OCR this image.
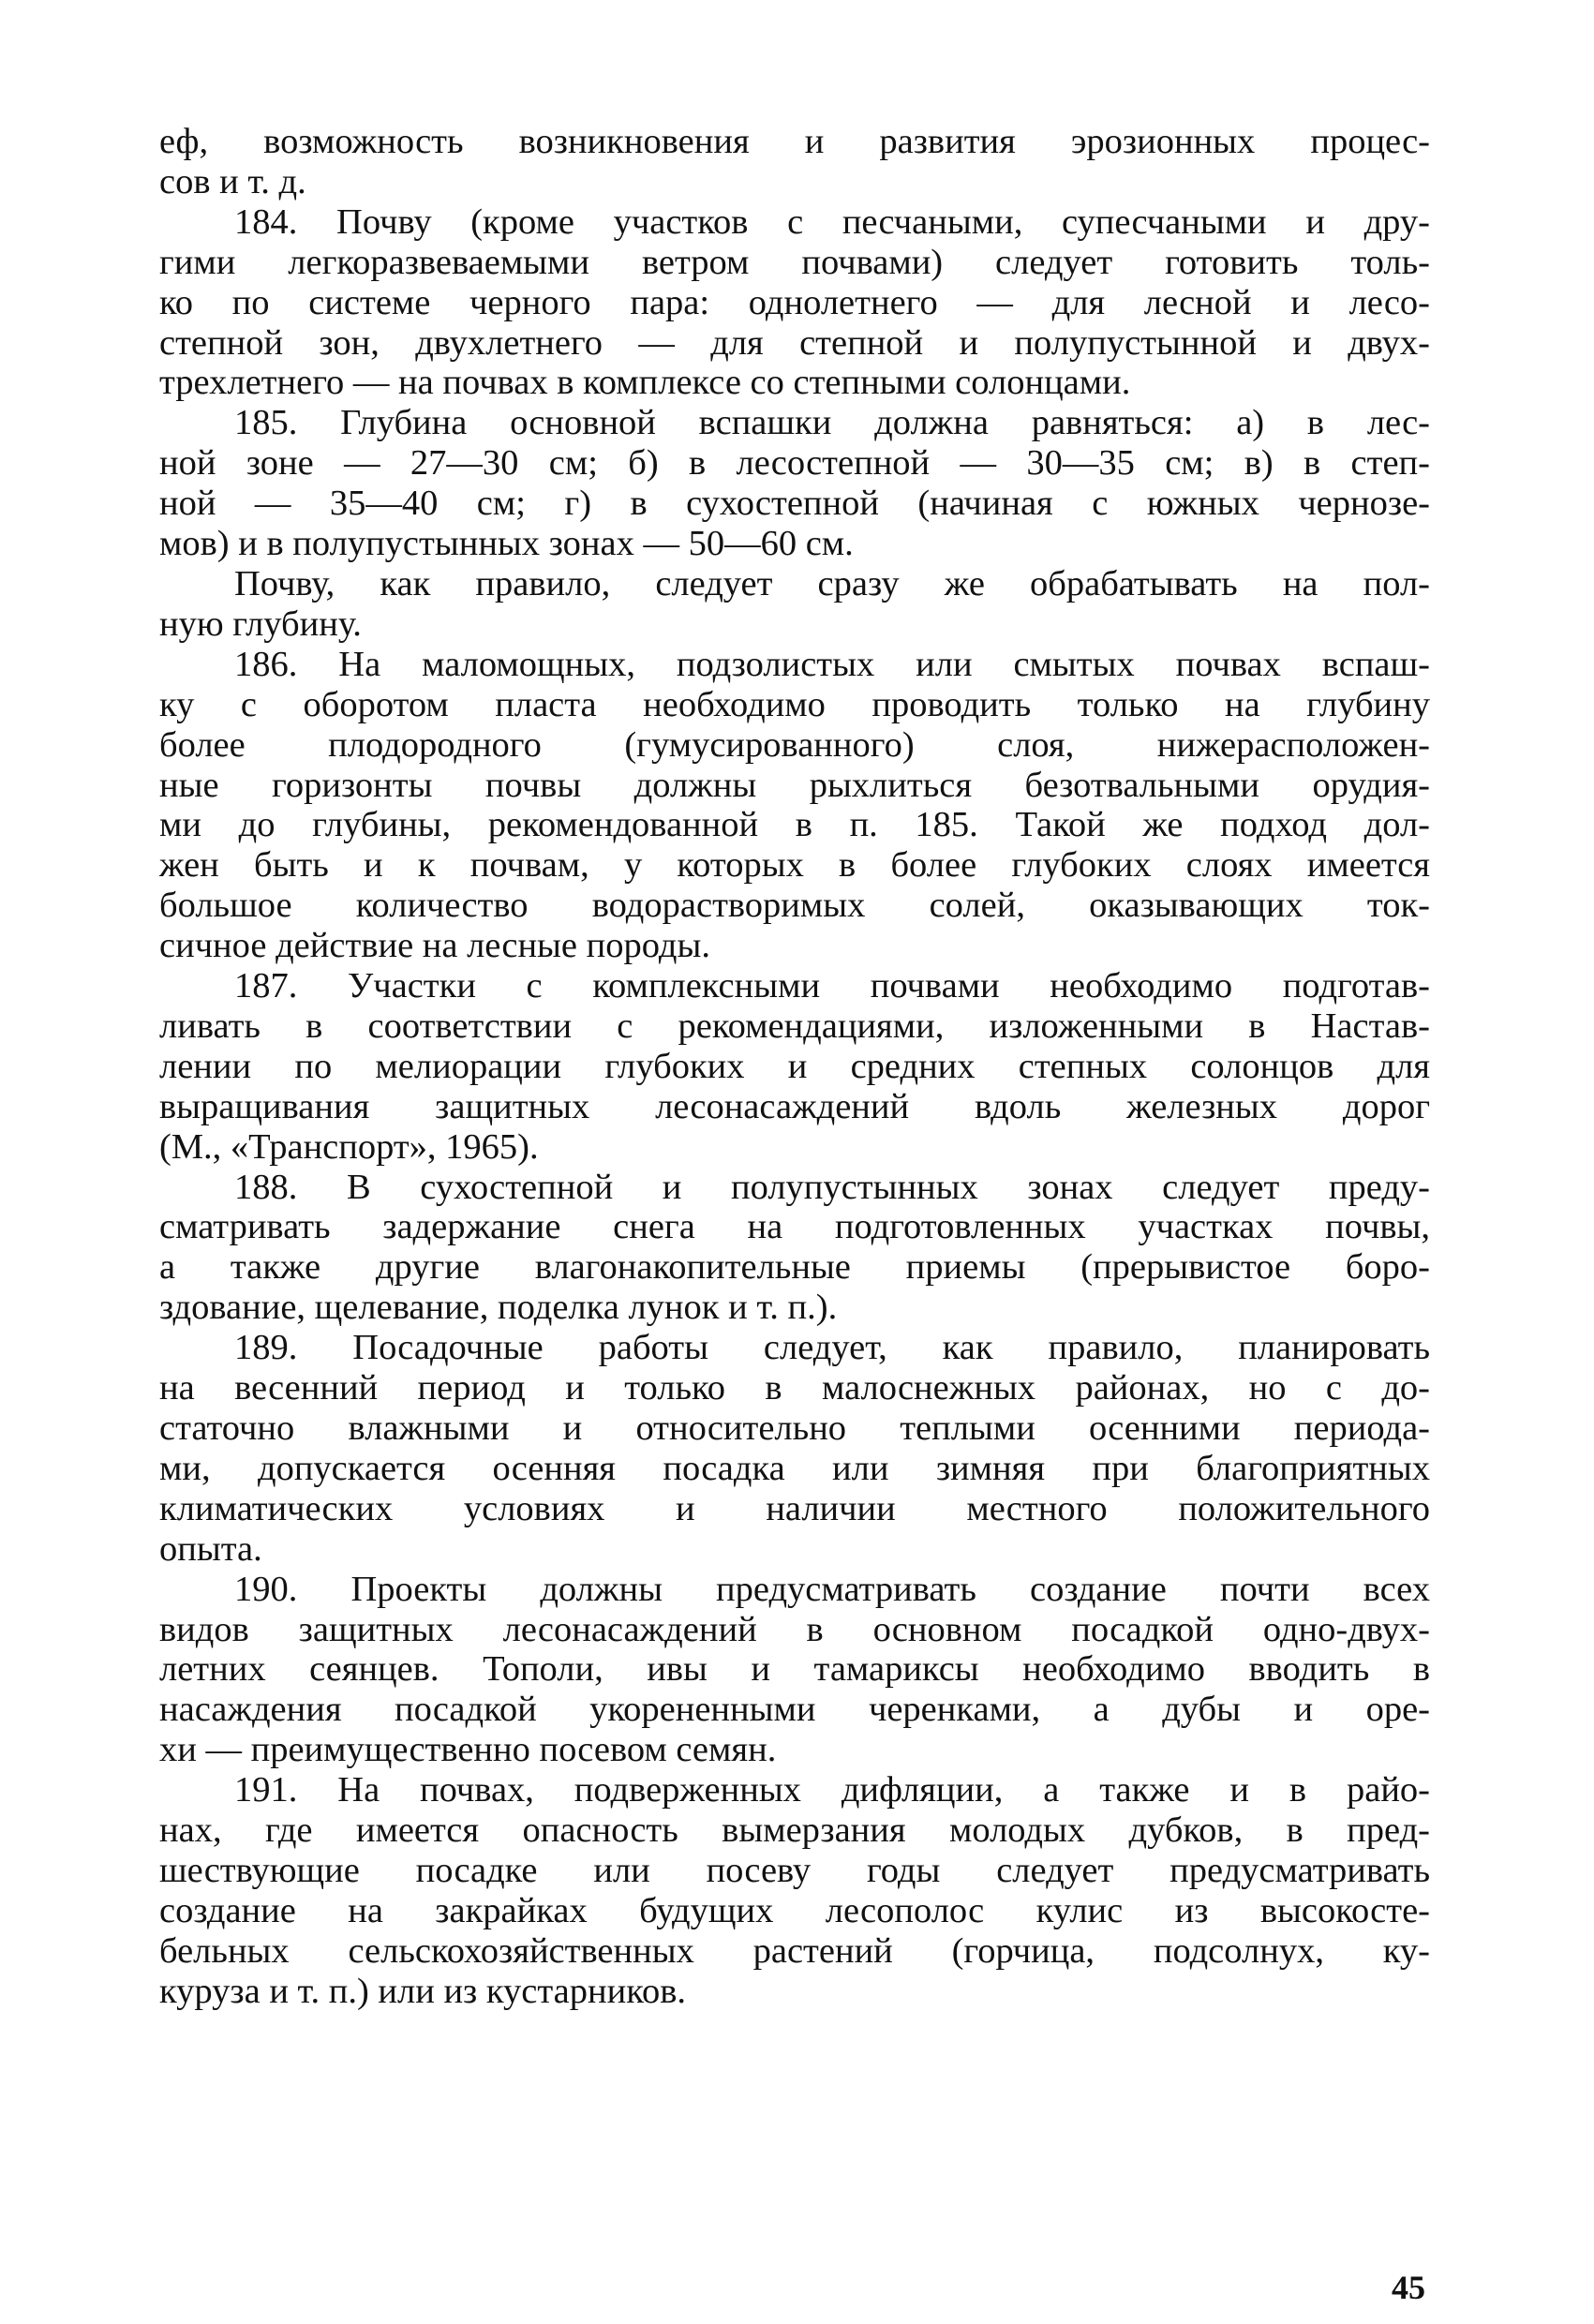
еф, возможность возникновения и развития эрозионных процес-
сов и т. д.

184. Почву (кроме участков с песчаными, супесчаными и дру-
гими легкоразвеваемыми ветром почвами) следует готовить толь-
ко по системе черного пара: однолетнего — для лесной и лесо-
степной зон, двухлетнего — для степной и полупустынной и двух-
трехлетнего — на почвах в комплексе со степными солонцами.

185. Глубина основной вспашки должна равняться: а) в лес-
ной зоне — 27—30 см; б) в лесостепной — 30—35 см; в) в степ-
ной — 35—40 см; г) в сухостепной (начиная с южных чернозе-
мов) и в полупустынных зонах — 50—60 см.

Почву, как правило, следует сразу же обрабатывать на пол-
ную глубину.

186. На маломощных, подзолистых или смытых почвах вспаш-
ку с оборотом пласта необходимо проводить только на глубину
более плодородного (гумусированного) слоя, нижерасположен-
ные горизонты почвы должны рыхлиться безотвальными орудия-
ми до глубины, рекомендованной в п. 185. Такой же подход дол-
жен быть и к почвам, у которых в более глубоких слоях имеется
большое количество водорастворимых солей, оказывающих ток-
сичное действие на лесные породы.

187. Участки с комплексными почвами необходимо подготав-
ливать в соответствии с рекомендациями, изложенными в Настав-
лении по мелиорации глубоких и средних степных солонцов для
выращивания защитных лесонасаждений вдоль железных дорог
(М., «Транспорт», 1965).

188. В сухостепной и полупустынных зонах следует преду-
сматривать задержание снега на подготовленных участках почвы,
а также другие влагонакопительные приемы (прерывистое боро-
здование, щелевание, поделка лунок и т. п.).

189. Посадочные работы следует, как правило, планировать
на весенний период и только в малоснежных районах, но с до-
статочно влажными и относительно теплыми осенними периода-
ми, допускается осенняя посадка или зимняя при благоприятных
климатических условиях и наличии местного положительного
опыта.

190. Проекты должны предусматривать создание почти всех
видов защитных лесонасаждений в основном посадкой одно-двух-
летних сеянцев. Тополи, ивы и тамариксы необходимо вводить в
насаждения посадкой укорененными черенками, а дубы и оре-
хи — преимущественно посевом семян.

191. На почвах, подверженных дифляции, а также и в райо-
нах, где имеется опасность вымерзания молодых дубков, в пред-
шествующие посадке или посеву годы следует предусматривать
создание на закрайках будущих лесополос кулис из высокосте-
бельных сельскохозяйственных растений (горчица, подсолнух, ку-
куруза и т. п.) или из кустарников.

45
